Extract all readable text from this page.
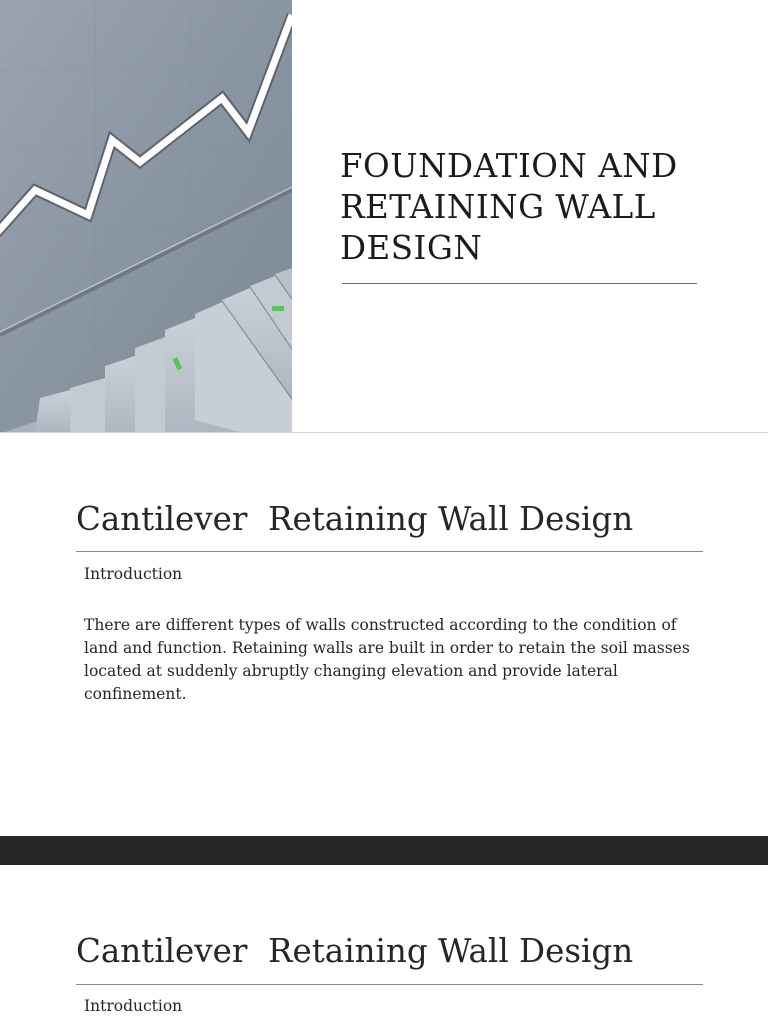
FOUNDATION AND RETAINING WALL DESIGN
Cantilever  Retaining Wall Design

Introduction

There are different types of walls constructed according to the condition of land and function. Retaining walls are built in order to retain the soil masses located at suddenly abruptly changing elevation and provide lateral confinement.

Cantilever  Retaining Wall Design

Introduction
